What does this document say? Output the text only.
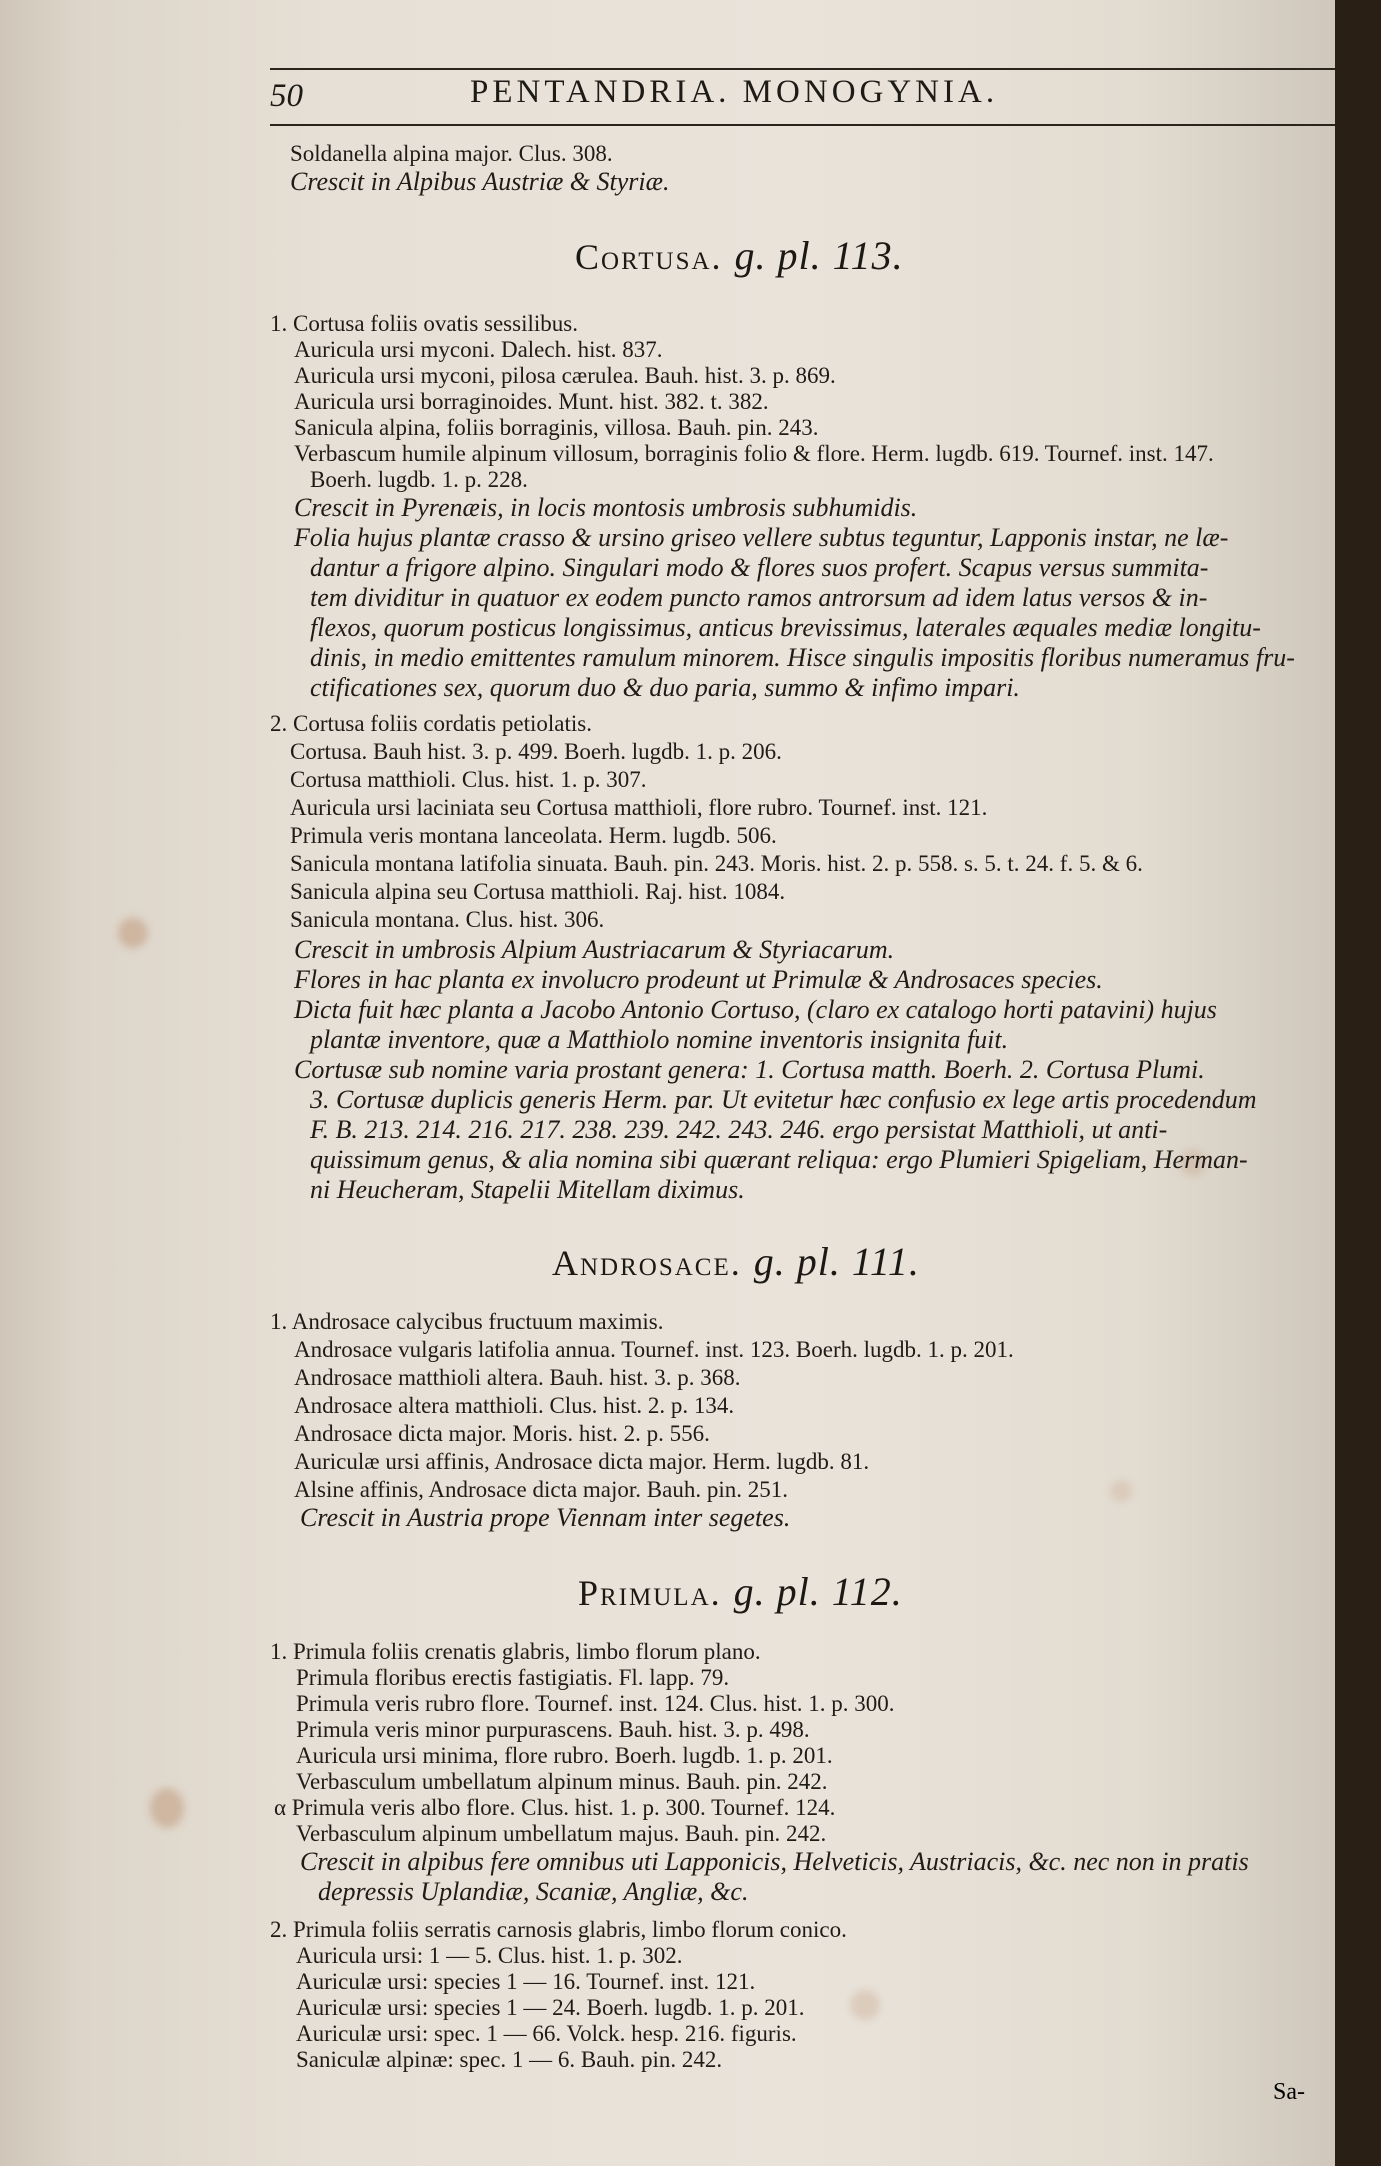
50	PENTANDRIA. MONOGYNIA.
Soldanella alpina major. Clus. 308.
Crescit in Alpibus Austriæ & Styriæ.
Cortusa. g. pl. 113.
1. Cortusa foliis ovatis sessilibus.
Auricula ursi myconi. Dalech. hist. 837.
Auricula ursi myconi, pilosa cærulea. Bauh. hist. 3. p. 869.
Auricula ursi borraginoides. Munt. hist. 382. t. 382.
Sanicula alpina, foliis borraginis, villosa. Bauh. pin. 243.
Verbascum humile alpinum villosum, borraginis folio & flore. Herm. lugdb. 619. Tournef. inst. 147.
Boerh. lugdb. 1. p. 228.
Crescit in Pyrenæis, in locis montosis umbrosis subhumidis.
Folia hujus plantæ crasso & ursino griseo vellere subtus teguntur, Lapponis instar, ne læ-
dantur a frigore alpino. Singulari modo & flores suos profert. Scapus versus summita-
tem dividitur in quatuor ex eodem puncto ramos antrorsum ad idem latus versos & in-
flexos, quorum posticus longissimus, anticus brevissimus, laterales æquales mediæ longitu-
dinis, in medio emittentes ramulum minorem. Hisce singulis impositis floribus numeramus fru-
ctificationes sex, quorum duo & duo paria, summo & infimo impari.
2. Cortusa foliis cordatis petiolatis.
Cortusa. Bauh hist. 3. p. 499. Boerh. lugdb. 1. p. 206.
Cortusa matthioli. Clus. hist. 1. p. 307.
Auricula ursi laciniata seu Cortusa matthioli, flore rubro. Tournef. inst. 121.
Primula veris montana lanceolata. Herm. lugdb. 506.
Sanicula montana latifolia sinuata. Bauh. pin. 243. Moris. hist. 2. p. 558. s. 5. t. 24. f. 5. & 6.
Sanicula alpina seu Cortusa matthioli. Raj. hist. 1084.
Sanicula montana. Clus. hist. 306.
Crescit in umbrosis Alpium Austriacarum & Styriacarum.
Flores in hac planta ex involucro prodeunt ut Primulæ & Androsaces species.
Dicta fuit hæc planta a Jacobo Antonio Cortuso, (claro ex catalogo horti patavini) hujus
plantæ inventore, quæ a Matthiolo nomine inventoris insignita fuit.
Cortusæ sub nomine varia prostant genera: 1. Cortusa matth. Boerh. 2. Cortusa Plumi.
3. Cortusæ duplicis generis Herm. par. Ut evitetur hæc confusio ex lege artis procedendum
F. B. 213. 214. 216. 217. 238. 239. 242. 243. 246. ergo persistat Matthioli, ut anti-
quissimum genus, & alia nomina sibi quærant reliqua: ergo Plumieri Spigeliam, Herman-
ni Heucheram, Stapelii Mitellam diximus.
Androsace. g. pl. 111.
1. Androsace calycibus fructuum maximis.
Androsace vulgaris latifolia annua. Tournef. inst. 123. Boerh. lugdb. 1. p. 201.
Androsace matthioli altera. Bauh. hist. 3. p. 368.
Androsace altera matthioli. Clus. hist. 2. p. 134.
Androsace dicta major. Moris. hist. 2. p. 556.
Auriculæ ursi affinis, Androsace dicta major. Herm. lugdb. 81.
Alsine affinis, Androsace dicta major. Bauh. pin. 251.
Crescit in Austria prope Viennam inter segetes.
Primula. g. pl. 112.
1. Primula foliis crenatis glabris, limbo florum plano.
Primula floribus erectis fastigiatis. Fl. lapp. 79.
Primula veris rubro flore. Tournef. inst. 124. Clus. hist. 1. p. 300.
Primula veris minor purpurascens. Bauh. hist. 3. p. 498.
Auricula ursi minima, flore rubro. Boerh. lugdb. 1. p. 201.
Verbasculum umbellatum alpinum minus. Bauh. pin. 242.
α Primula veris albo flore. Clus. hist. 1. p. 300. Tournef. 124.
Verbasculum alpinum umbellatum majus. Bauh. pin. 242.
Crescit in alpibus fere omnibus uti Lapponicis, Helveticis, Austriacis, &c. nec non in pratis
depressis Uplandiæ, Scaniæ, Angliæ, &c.
2. Primula foliis serratis carnosis glabris, limbo florum conico.
Auricula ursi: 1 — 5. Clus. hist. 1. p. 302.
Auriculæ ursi: species 1 — 16. Tournef. inst. 121.
Auriculæ ursi: species 1 — 24. Boerh. lugdb. 1. p. 201.
Auriculæ ursi: spec. 1 — 66. Volck. hesp. 216. figuris.
Saniculæ alpinæ: spec. 1 — 6. Bauh. pin. 242.
Sa-
